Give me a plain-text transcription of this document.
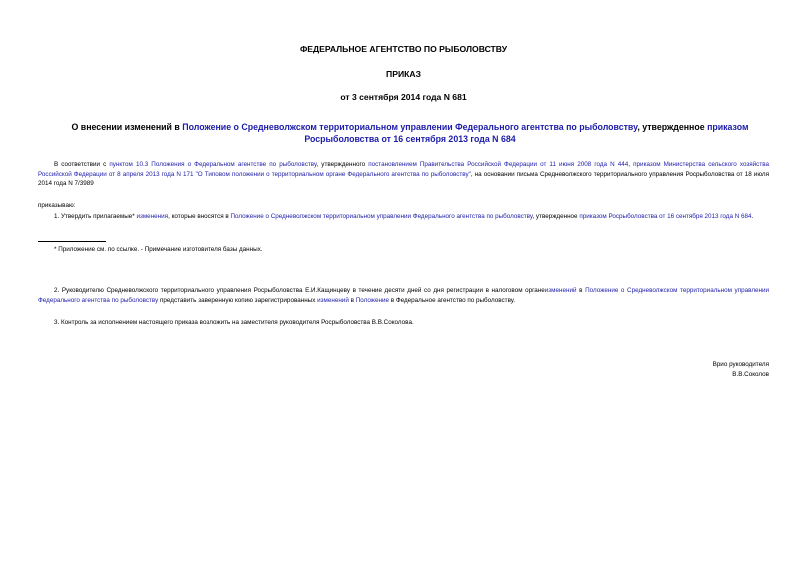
ФЕДЕРАЛЬНОЕ АГЕНТСТВО ПО РЫБОЛОВСТВУ
ПРИКАЗ
от 3 сентября 2014 года N 681
О внесении изменений в Положение о Средневолжском территориальном управлении Федерального агентства по рыболовству, утвержденное приказом Росрыболовства от 16 сентября 2013 года N 684
В соответствии с пунктом 10.3 Положения о Федеральном агентстве по рыболовству, утвержденного постановлением Правительства Российской Федерации от 11 июня 2008 года N 444, приказом Министерства сельского хозяйства Российской Федерации от 8 апреля 2013 года N 171 "О Типовом положении о территориальном органе Федерального агентства по рыболовству", на основании письма Средневолжского территориального управления Росрыболовства от 18 июля 2014 года N 7/3989
приказываю:
1. Утвердить прилагаемые* изменения, которые вносятся в Положение о Средневолжском территориальном управлении Федерального агентства по рыболовству, утвержденное приказом Росрыболовства от 16 сентября 2013 года N 684.
* Приложение см. по ссылке. - Примечание изготовителя базы данных.
2. Руководителю Средневолжского территориального управления Росрыболовства Е.И.Кащинцеву в течение десяти дней со дня регистрации в налоговом органеизменений в Положение о Средневолжском территориальном управлении Федерального агентства по рыболовству представить заверенную копию зарегистрированных изменений в Положение в Федеральное агентство по рыболовству.
3. Контроль за исполнением настоящего приказа возложить на заместителя руководителя Росрыболовства В.В.Соколова.
Врио руководителя
В.В.Соколов
